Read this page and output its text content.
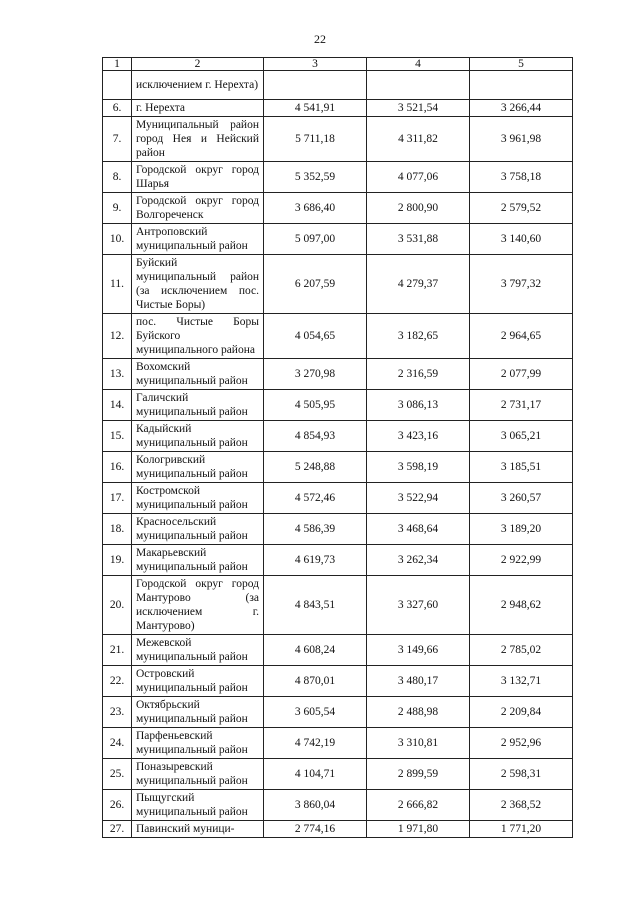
22
1	2	3	4	5
	исключением г. Нерехта)			
6.	г. Нерехта	4 541,91	3 521,54	3 266,44
7.	Муниципальный район город Нея и Нейский район	5 711,18	4 311,82	3 961,98
8.	Городской округ город Шарья	5 352,59	4 077,06	3 758,18
9.	Городской округ город Волгореченск	3 686,40	2 800,90	2 579,52
10.	Антроповский муниципальный район	5 097,00	3 531,88	3 140,60
11.	Буйский муниципальный район (за исключением пос. Чистые Боры)	6 207,59	4 279,37	3 797,32
12.	пос. Чистые Боры Буйского муниципального района	4 054,65	3 182,65	2 964,65
13.	Вохомский муниципальный район	3 270,98	2 316,59	2 077,99
14.	Галичский муниципальный район	4 505,95	3 086,13	2 731,17
15.	Кадыйский муниципальный район	4 854,93	3 423,16	3 065,21
16.	Кологривский муниципальный район	5 248,88	3 598,19	3 185,51
17.	Костромской муниципальный район	4 572,46	3 522,94	3 260,57
18.	Красносельский муниципальный район	4 586,39	3 468,64	3 189,20
19.	Макарьевский муниципальный район	4 619,73	3 262,34	2 922,99
20.	Городской округ город Мантурово (за исключением г. Мантурово)	4 843,51	3 327,60	2 948,62
21.	Межевской муниципальный район	4 608,24	3 149,66	2 785,02
22.	Островский муниципальный район	4 870,01	3 480,17	3 132,71
23.	Октябрьский муниципальный район	3 605,54	2 488,98	2 209,84
24.	Парфеньевский муниципальный район	4 742,19	3 310,81	2 952,96
25.	Поназыревский муниципальный район	4 104,71	2 899,59	2 598,31
26.	Пыщугский муниципальный район	3 860,04	2 666,82	2 368,52
27.	Павинский муници-	2 774,16	1 971,80	1 771,20
